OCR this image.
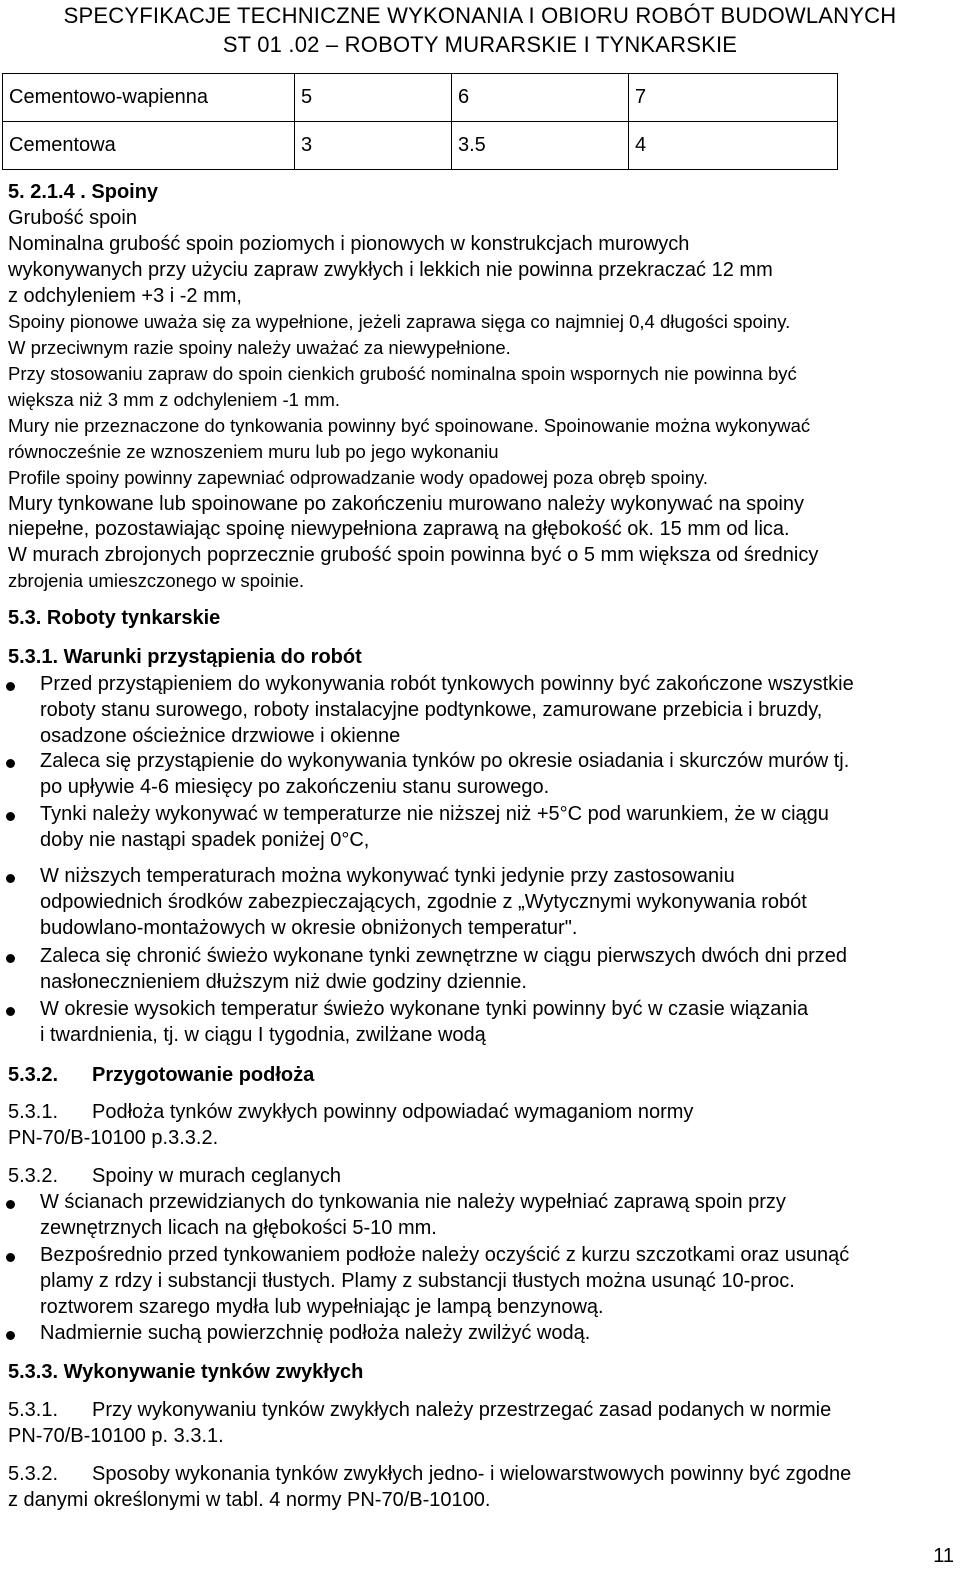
SPECYFIKACJE TECHNICZNE WYKONANIA I OBIORU ROBÓT BUDOWLANYCH
ST 01 .02 – ROBOTY MURARSKIE I TYNKARSKIE
Cementowo-wapienna	5	6	7
Cementowa	3	3.5	4
5. 2.1.4 . Spoiny
Grubość spoin
Nominalna grubość spoin poziomych i pionowych w konstrukcjach murowych
wykonywanych przy użyciu zapraw zwykłych i lekkich nie powinna przekraczać 12 mm
z odchyleniem +3 i -2 mm,
Spoiny pionowe uważa się za wypełnione, jeżeli zaprawa sięga co najmniej 0,4 długości spoiny.
W przeciwnym razie spoiny należy uważać za niewypełnione.
Przy stosowaniu zapraw do spoin cienkich grubość nominalna spoin wspornych nie powinna być
większa niż 3 mm z odchyleniem -1 mm.
Mury nie przeznaczone do tynkowania powinny być spoinowane. Spoinowanie można wykonywać
równocześnie ze wznoszeniem muru lub po jego wykonaniu
Profile spoiny powinny zapewniać odprowadzanie wody opadowej poza obręb spoiny.
Mury tynkowane lub spoinowane po zakończeniu murowano należy wykonywać na spoiny
niepełne, pozostawiając spoinę niewypełniona zaprawą na głębokość ok. 15 mm od lica.
W murach zbrojonych poprzecznie grubość spoin powinna być o 5 mm większa od średnicy
zbrojenia umieszczonego w spoinie.
5.3. Roboty tynkarskie
5.3.1. Warunki przystąpienia do robót
Przed przystąpieniem do wykonywania robót tynkowych powinny być zakończone wszystkie
roboty stanu surowego, roboty instalacyjne podtynkowe, zamurowane przebicia i bruzdy,
osadzone ościeżnice drzwiowe i okienne
Zaleca się przystąpienie do wykonywania tynków po okresie osiadania i skurczów murów tj.
po upływie 4-6 miesięcy po zakończeniu stanu surowego.
Tynki należy wykonywać w temperaturze nie niższej niż +5°C pod warunkiem, że w ciągu
doby nie nastąpi spadek poniżej 0°C,
W niższych temperaturach można wykonywać tynki jedynie przy zastosowaniu
odpowiednich środków zabezpieczających, zgodnie z „Wytycznymi wykonywania robót
budowlano-montażowych w okresie obniżonych temperatur".
Zaleca się chronić świeżo wykonane tynki zewnętrzne w ciągu pierwszych dwóch dni przed
nasłonecznieniem dłuższym niż dwie godziny dziennie.
W okresie wysokich temperatur świeżo wykonane tynki powinny być w czasie wiązania
i twardnienia, tj. w ciągu I tygodnia, zwilżane wodą
5.3.2. Przygotowanie podłoża
5.3.1. Podłoża tynków zwykłych powinny odpowiadać wymaganiom normy
PN-70/B-10100 p.3.3.2.
5.3.2. Spoiny w murach ceglanych
W ścianach przewidzianych do tynkowania nie należy wypełniać zaprawą spoin przy
zewnętrznych licach na głębokości 5-10 mm.
Bezpośrednio przed tynkowaniem podłoże należy oczyścić z kurzu szczotkami oraz usunąć
plamy z rdzy i substancji tłustych. Plamy z substancji tłustych można usunąć 10-proc.
roztworem szarego mydła lub wypełniając je lampą benzynową.
Nadmiernie suchą powierzchnię podłoża należy zwilżyć wodą.
5.3.3. Wykonywanie tynków zwykłych
5.3.1. Przy wykonywaniu tynków zwykłych należy przestrzegać zasad podanych w normie
PN-70/B-10100 p. 3.3.1.
5.3.2. Sposoby wykonania tynków zwykłych jedno- i wielowarstwowych powinny być zgodne
z danymi określonymi w tabl. 4 normy PN-70/B-10100.
11
